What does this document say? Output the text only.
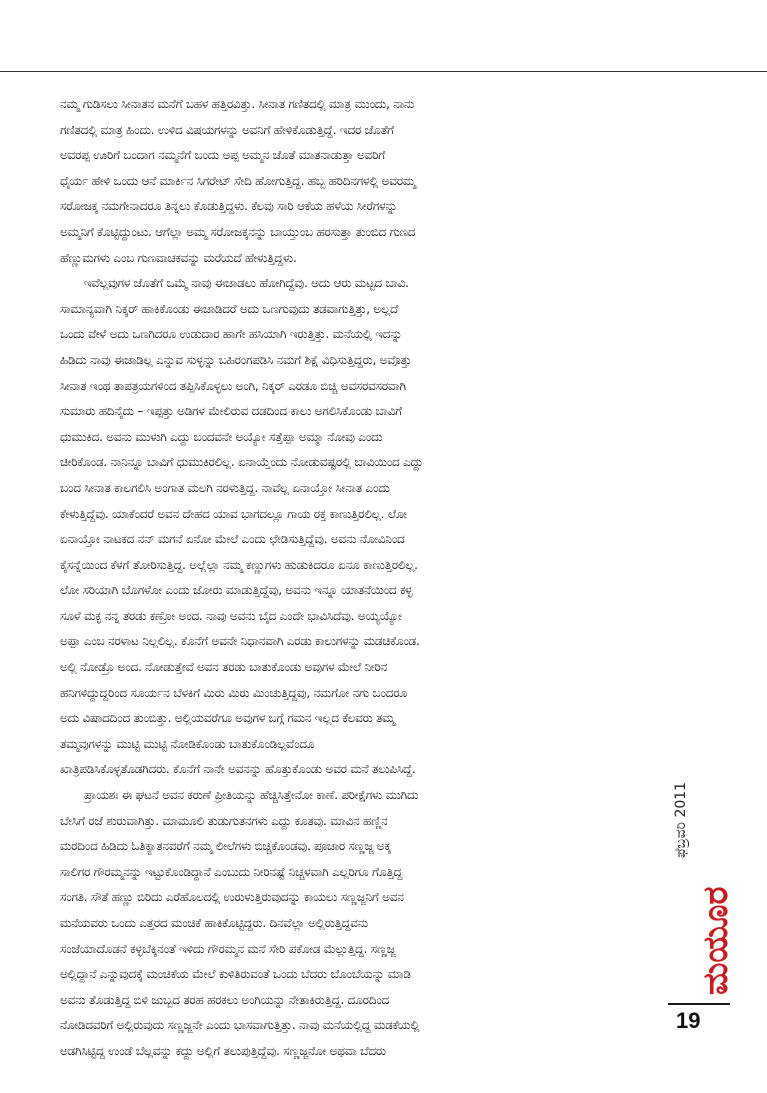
ನಮ್ಮ ಗುಡಿಸಲು ಸೀನಾತನ ಮನೆಗೆ ಬಹಳ ಹತ್ತಿರವಿತ್ತು. ಸೀನಾತ ಗಣಿತದಲ್ಲಿ ಮಾತ್ರ ಮುಂದು, ನಾನು
ಗಣಿತದಲ್ಲಿ ಮಾತ್ರ ಹಿಂದು. ಉಳಿದ ವಿಷಯಗಳನ್ನು ಅವನಿಗೆ ಹೇಳಿಕೊಡುತ್ತಿದ್ದೆ. ಇದರ ಜೊತೆಗೆ
ಅವರಪ್ಪ ಊರಿಗೆ ಬಂದಾಗ ನಮ್ಮನೆಗೆ ಬಂದು ಅಪ್ಪ ಅಮ್ಮನ ಜೊತೆ ಮಾತನಾಡುತ್ತಾ ಅವರಿಗೆ
ಧೈರ್ಯ ಹೇಳಿ ಒಂದು ಆನೆ ಮಾರ್ಕಿನ ಸಿಗರೇಟ್ ಸೇದಿ ಹೋಗುತ್ತಿದ್ದ. ಹಬ್ಬ ಹರಿದಿನಗಳಲ್ಲಿ ಅವರಮ್ಮ
ಸರೋಜಕ್ಕ ನಮಗೇನಾದರೂ ತಿನ್ನಲು ಕೊಡುತ್ತಿದ್ದಳು. ಕೆಲವು ಸಾರಿ ಆಕೆಯ ಹಳೆಯ ಸೀರೆಗಳನ್ನು
ಅಮ್ಮನಿಗೆ ಕೊಟ್ಟಿದ್ದುಂಟು. ಆಗೆಲ್ಲಾ ಅಮ್ಮ ಸರೋಜಕ್ಕನನ್ನು ಬಾಯ್ತುಂಬ ಹರಸುತ್ತಾ ತುಂಬಿದ ಗುಣದ
ಹೆಣ್ಣುಮಗಳು ಎಂಬ ಗುಣವಾಚಕವನ್ನು ಮರೆಯದೆ ಹೇಳುತ್ತಿದ್ದಳು.
ಇವೆಲ್ಲವುಗಳ ಜೊತೆಗೆ ಒಮ್ಮೆ ನಾವು ಈಜಾಡಲು ಹೋಗಿದ್ದೆವು. ಅದು ಆರು ಮಟ್ಟದ ಬಾವಿ.
ಸಾಮಾನ್ಯವಾಗಿ ನಿಕ್ಕರ್ ಹಾಕಿಕೊಂಡು ಈಜಾಡಿದರೆ ಅದು ಒಣಗುವುದು ತಡವಾಗುತ್ತಿತ್ತು, ಅಲ್ಲದೆ
ಒಂದು ವೇಳೆ ಅದು ಒಣಗಿದರೂ ಉಡುದಾರ ಹಾಗೇ ಹಸಿಯಾಗಿ ಇರುತ್ತಿತ್ತು. ಮನೆಯಲ್ಲಿ ಇದನ್ನು
ಹಿಡಿದು ನಾವು ಈಜಾಡಿಲ್ಲ ಎನ್ನುವ ಸುಳ್ಳನ್ನು ಬಹಿರಂಗಪಡಿಸಿ ನಮಗೆ ಶಿಕ್ಷೆ ವಿಧಿಸುತ್ತಿದ್ದರು, ಅವೊತ್ತು
ಸೀನಾತ ಇಂಥ ತಾಪತ್ರಯಗಳಿಂದ ತಪ್ಪಿಸಿಕೊಳ್ಳಲು ಅಂಗಿ, ನಿಕ್ಕರ್ ಎರಡೂ ಬಿಚ್ಚಿ ಅವಸರವಸರವಾಗಿ
ಸುಮಾರು ಹದಿನೈದು – ಇಪ್ಪತ್ತು ಅಡಿಗಳ ಮೇಲಿರುವ ದಡದಿಂದ ಕಾಲು ಅಗಲಿಸಿಕೊಂಡು ಬಾವಿಗೆ
ಧುಮುಕಿದ. ಅವನು ಮುಳುಗಿ ಎದ್ದು ಬಂದವನೇ ಅಯ್ಯೋ ಸತ್ತೆಪ್ಪಾ ಅಮ್ಮಾ ನೋವು ಎಂದು
ಚೀರಿಕೊಂಡ. ನಾನಿನ್ನೂ ಬಾವಿಗೆ ಧುಮುಕಿರಲಿಲ್ಲ. ಏನಾಯ್ತೆಂದು ನೋಡುವಷ್ಟರಲ್ಲಿ ಬಾವಿಯಿಂದ ಎದ್ದು
ಬಂದ ಸೀನಾತ ಕಾಲಗಲಿಸಿ ಅಂಗಾತ ಮಲಗಿ ನರಳುತ್ತಿದ್ದ. ನಾವೆಲ್ಲ ಏನಾಯ್ತೋ ಸೀನಾತ ಎಂದು
ಕೇಳುತ್ತಿದ್ದೆವು. ಯಾಕೆಂದರೆ ಅವನ ದೇಹದ ಯಾವ ಭಾಗದಲ್ಲೂ ಗಾಯ ರಕ್ತ ಕಾಣುತ್ತಿರಲಿಲ್ಲ. ಲೋ
ಏನಾಯ್ತೋ ನಾಟಕದ ನನ್ ಮಗನೆ ಏನೋ ಮೇಲೆ ಎಂದು ಛೇಡಿಸುತ್ತಿದ್ದೆವು. ಅವನು ನೋವಿನಿಂದ
ಕೈಸನ್ನೆಯಿಂದ ಕೆಳಗೆ ತೋರಿಸುತ್ತಿದ್ದ. ಅಲ್ಲೆಲ್ಲಾ ನಮ್ಮ ಕಣ್ಣುಗಳು ಹುಡುಕಿದರೂ ಏನೂ ಕಾಣುತ್ತಿರಲಿಲ್ಲ.
ಲೋ ಸರಿಯಾಗಿ ಬೊಗಳೋ ಎಂದು ಜೋರು ಮಾಡುತ್ತಿದ್ದೆವು, ಅವನು ಇನ್ನೂ ಯಾತನೆಯಿಂದ ಕಳ್ಳ
ಸೂಳೆ ಮಕ್ಳ ನನ್ನ ತರಡು ಕಣ್ರೋ ಅಂದ. ನಾವು ಅವನು ಬೈದ ಎಂದೇ ಭಾವಿಸಿದೆವು. ಅಯ್ಯಯ್ಯೋ
ಅಪ್ಪಾ ಎಂಬ ನರಳಾಟ ನಿಲ್ಲಲಿಲ್ಲ. ಕೊನೆಗೆ ಅವನೇ ನಿಧಾನವಾಗಿ ಎರಡು ಕಾಲುಗಳನ್ನು ಮಡಚಿಕೊಂಡ.
ಅಲ್ಲಿ ನೋಡ್ರೊ ಅಂದ. ನೋಡುತ್ತೇವೆ ಅವನ ತರಡು ಬಾತುಕೊಂಡು ಅವುಗಳ ಮೇಲೆ ನೀರಿನ
ಹನಿಗಳಿದ್ದುದ್ದರಿಂದ ಸೂರ್ಯನ ಬೆಳಕಿಗೆ ಮಿರು ಮಿರು ಮಿಂಚುತ್ತಿದ್ದವು, ನಮಗೋ ನಗು ಬಂದರೂ
ಅದು ವಿಷಾದದಿಂದ ತುಂಬಿತ್ತು. ಅಲ್ಲಿಯವರೆಗೂ ಅವುಗಳ ಬಗ್ಗೆ ಗಮನ ಇಲ್ಲದ ಕೆಲವರು ತಮ್ಮ
ತಮ್ಮವುಗಳನ್ನು ಮುಟ್ಟಿ ಮುಟ್ಟಿ ನೋಡಿಕೊಂಡು ಬಾತುಕೊಂಡಿಲ್ಲವೆಂದೂ
ಖಾತ್ರಿಪಡಿಸಿಕೊಳ್ಳತೊಡಗಿದರು. ಕೊನೆಗೆ ನಾನೇ ಅವನನ್ನು ಹೊತ್ತುಕೊಂಡು ಅವರ ಮನೆ ತಲುಪಿಸಿದ್ದೆ.
ಪ್ರಾಯಶಃ ಈ ಘಟನೆ ಅವನ ಕರುಣೆ ಪ್ರೀತಿಯನ್ನು ಹೆಚ್ಚಿಸಿತ್ತೇನೋ ಕಾಣೆ. ಪರೀಕ್ಷೆಗಳು ಮುಗಿದು
ಬೇಸಿಗೆ ರಜೆ ಶುರುವಾಗಿತ್ತು. ಮಾಮೂಲಿ ತುಡುಗುತನಗಳು ಎದ್ದು ಕೂತವು. ಮಾವಿನ ಹಣ್ಣಿನ
ಮರದಿಂದ ಹಿಡಿದು ಓತಿಕ್ಯಾತನವರೆಗೆ ನಮ್ಮ ಲೀಲೆಗಳು ಬಿಚ್ಚಿಕೊಂಡವು. ಪೂಜಾರ ಸಣ್ಣಜ್ಜ ಅಕ್ಕ
ಸಾಲಿಗರ ಗೌರಮ್ಮನನ್ನು ಇಟ್ಟುಕೊಂಡಿದ್ದಾನೆ ಎಂಬುದು ನೀರಿನಷ್ಟೆ ನಿಚ್ಚಳವಾಗಿ ಎಲ್ಲರಿಗೂ ಗೊತ್ತಿದ್ದ
ಸಂಗತಿ. ಸೌತೆ ಹಣ್ಣು ಬಿರಿದು ಎರೆಹೊಲದಲ್ಲಿ ಉರುಳುತ್ತಿರುವುದನ್ನು ಕಾಯಲು ಸಣ್ಣಜ್ಜನಿಗೆ ಅವನ
ಮನೆಯವರು ಒಂದು ಎತ್ತರದ ಮಂಚಿಕೆ ಹಾಕಿಕೊಟ್ಟಿದ್ದರು. ದಿನವೆಲ್ಲಾ ಅಲ್ಲಿರುತ್ತಿದ್ದವನು
ಸಂಜೆಯಾದೊಡನೆ ಕಳ್ಳಬೆಕ್ಕಿನಂತೆ ಇಳಿದು ಗೌರಮ್ಮನ ಮನೆ ಸೇರಿ ಪಕೋಡ ಮೆಲ್ಲುತ್ತಿದ್ದ. ಸಣ್ಣಜ್ಜ
ಅಲ್ಲಿದ್ದಾನೆ ಎನ್ನುವುದಕ್ಕೆ ಮಂಚಿಕೆಯ ಮೇಲೆ ಕುಳಿತಿರುವಂತೆ ಒಂದು ಬೆದರು ಬೊಂಬೆಯನ್ನು ಮಾಡಿ
ಅವನು ತೊಡುತ್ತಿದ್ದ ಬಿಳಿ ಜುಬ್ಬದ ತರಹ ಹರಕಲು ಅಂಗಿಯನ್ನು ನೇತಾಕಿರುತ್ತಿದ್ದ. ದೂರದಿಂದ
ನೋಡಿದವರಿಗೆ ಅಲ್ಲಿರುವುದು ಸಣ್ಣಜ್ಜನೇ ಎಂದು ಭಾಸವಾಗುತ್ತಿತ್ತು. ನಾವು ಮನೆಯಲ್ಲಿದ್ದ ಮಡಕೆಯಲ್ಲಿ
ಅಡಗಿಸಿಟ್ಟಿದ್ದ ಉಂಡೆ ಬೆಲ್ಲವನ್ನು ಕದ್ದು ಅಲ್ಲಿಗೆ ತಲುಪುತ್ತಿದ್ದೆವು. ಸಣ್ಣಜ್ಜನೋ ಅಥವಾ ಬೆದರು
ಫೆಬ್ರವರಿ 2011
ಮಯೂರ
19
